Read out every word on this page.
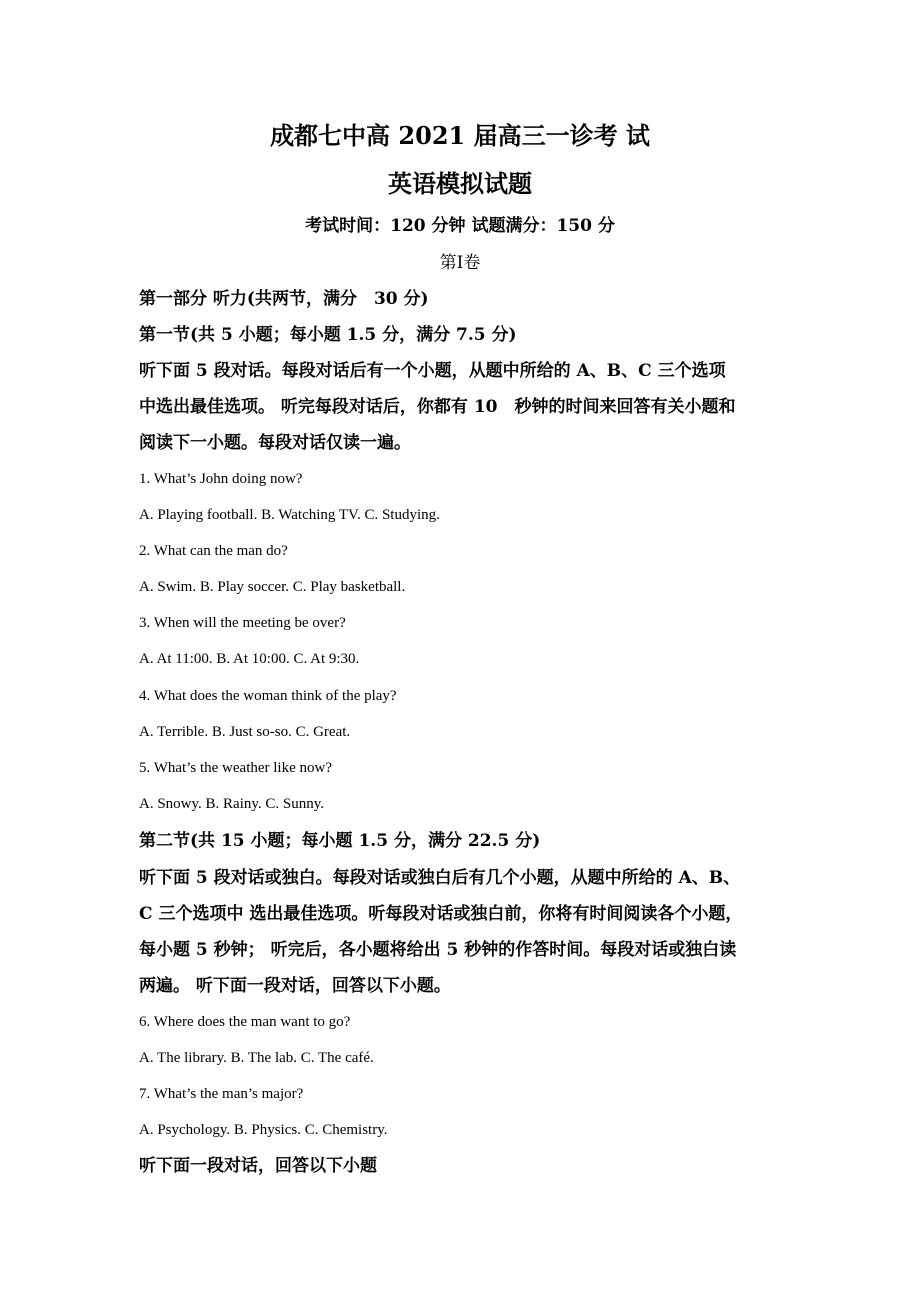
成都七中高 2021 届高三一诊考 试
英语模拟试题
考试时间：120 分钟 试题满分：150 分
第Ⅰ卷
第一部分 听力(共两节，满分　30 分)
第一节(共 5 小题；每小题 1.5 分，满分 7.5 分)
听下面 5 段对话。每段对话后有一个小题，从题中所给的 A、B、C 三个选项
中选出最佳选项。 听完每段对话后，你都有 10　秒钟的时间来回答有关小题和
阅读下一小题。每段对话仅读一遍。
1. What’s John doing now?
A. Playing football. B. Watching TV. C. Studying.
2. What can the man do?
A. Swim. B. Play soccer. C. Play basketball.
3. When will the meeting be over?
A. At 11:00. B. At 10:00. C. At 9:30.
4. What does the woman think of the play?
A. Terrible. B. Just so-so. C. Great.
5. What’s the weather like now?
A. Snowy. B. Rainy. C. Sunny.
第二节(共 15 小题；每小题 1.5 分，满分 22.5 分)
听下面 5 段对话或独白。每段对话或独白后有几个小题，从题中所给的 A、B、
C 三个选项中 选出最佳选项。听每段对话或独白前，你将有时间阅读各个小题，
每小题 5 秒钟； 听完后，各小题将给出 5 秒钟的作答时间。每段对话或独白读
两遍。 听下面一段对话，回答以下小题。
6. Where does the man want to go?
A. The library. B. The lab. C. The café.
7. What’s the man’s major?
A. Psychology. B. Physics. C. Chemistry.
听下面一段对话，回答以下小题
